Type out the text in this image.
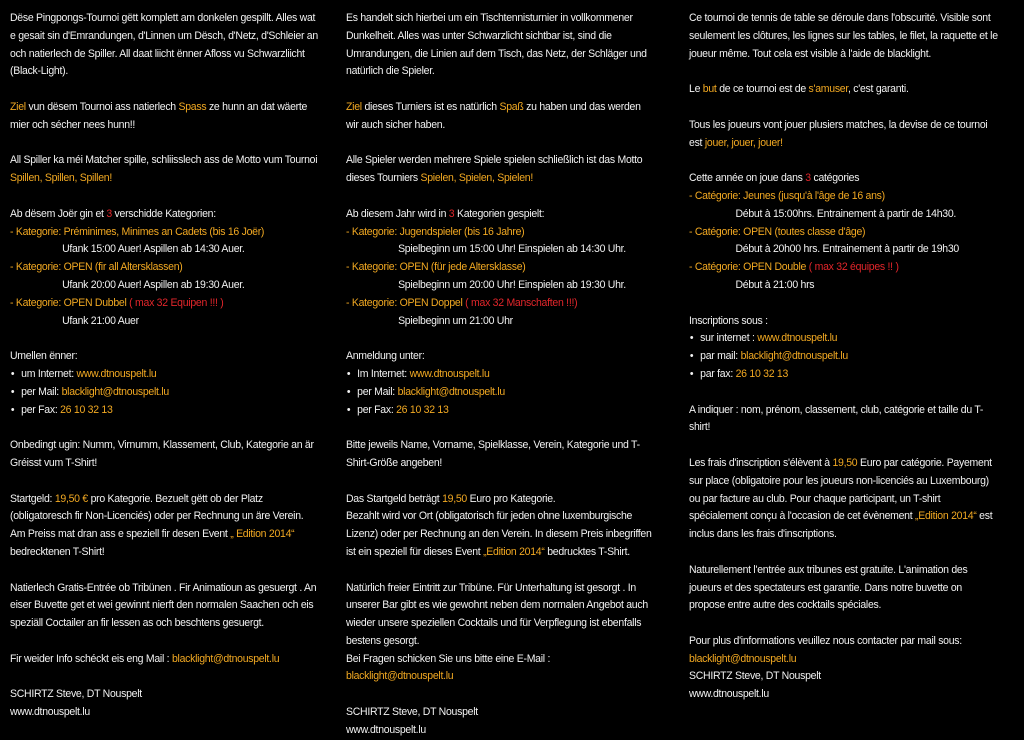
Dëse Pingpongs-Tournoi gëtt komplett am donkelen gespillt. Alles wat e gesait sin d'Emrandungen, d'Linnen um Dësch, d'Netz, d'Schleier an och natierlech de Spiller. All daat liicht ënner Afloss vu Schwarzliicht (Black-Light).

Ziel vun dësem Tournoi ass natierlech Spass ze hunn an dat wäerte mier och sécher nees hunn!!

All Spiller ka méi Matcher spille, schliisslech ass de Motto vum Tournoi Spillen, Spillen, Spillen!

Ab dësem Joër gin et 3 verschidde Kategorien:

- Kategorie: Préminimes, Minimes an Cadets (bis 16 Joër)

Ufank 15:00 Auer! Aspillen ab 14:30 Auer.

- Kategorie: OPEN (fir all Altersklassen)

Ufank 20:00 Auer! Aspillen ab 19:30 Auer.

- Kategorie: OPEN Dubbel ( max 32 Equipen !!! )

Ufank 21:00 Auer

Umellen ënner:

• um Internet: www.dtnouspelt.lu
• per Mail: blacklight@dtnouspelt.lu
• per Fax: 26 10 32 13

Onbedingt ugin: Numm, Virnumm, Klassement, Club, Kategorie an är Gréisst vum T-Shirt!

Startgeld: 19,50 € pro Kategorie. Bezuelt gëtt ob der Platz (obligatoresch fir Non-Licenciés) oder per Rechnung un äre Verein. Am Preiss mat dran ass e speziell fir desen Event „ Edition 2014“ bedrecktenen T-Shirt!

Natierlech Gratis-Entrée ob Tribünen . Fir Animatioun as gesuergt . An eiser Buvette get et wei gewinnt nierft den normalen Saachen och eis speziäll Coctailer an fir lessen as och beschtens gesuergt.

Fir weider Info schéckt eis eng Mail : blacklight@dtnouspelt.lu

SCHIRTZ Steve, DT Nouspelt

www.dtnouspelt.lu

Es handelt sich hierbei um ein Tischtennisturnier in vollkommener Dunkelheit. Alles was unter Schwarzlicht sichtbar ist, sind die Umrandungen, die Linien auf dem Tisch, das Netz, der Schläger und natürlich die Spieler.

Ziel dieses Turniers ist es natürlich Spaß zu haben und das werden wir auch sicher haben.

Alle Spieler werden mehrere Spiele spielen schließlich ist das Motto dieses Tourniers Spielen, Spielen, Spielen!

Ab diesem Jahr wird in 3 Kategorien gespielt:

- Kategorie: Jugendspieler (bis 16 Jahre)

Spielbeginn um 15:00 Uhr! Einspielen ab 14:30 Uhr.

- Kategorie: OPEN (für jede Altersklasse)

Spielbeginn um 20:00 Uhr! Einspielen ab 19:30 Uhr.

- Kategorie: OPEN Doppel ( max 32 Manschaften !!!)

Spielbeginn um 21:00 Uhr

Anmeldung unter:

• Im Internet: www.dtnouspelt.lu
• per Mail: blacklight@dtnouspelt.lu
• per Fax: 26 10 32 13

Bitte jeweils Name, Vorname, Spielklasse, Verein, Kategorie und T-Shirt-Größe angeben!

Das Startgeld beträgt 19,50 Euro pro Kategorie.
Bezahlt wird vor Ort (obligatorisch für jeden ohne luxemburgische Lizenz) oder per Rechnung an den Verein. In diesem Preis inbegriffen ist ein speziell für dieses Event „Edition 2014“ bedrucktes T-Shirt.

Natürlich freier Eintritt zur Tribüne. Für Unterhaltung ist gesorgt . In unserer Bar gibt es wie gewohnt neben dem normalen Angebot auch wieder unsere speziellen Cocktails und für Verpflegung ist ebenfalls bestens gesorgt.

Bei Fragen schicken Sie uns bitte eine E-Mail : blacklight@dtnouspelt.lu

SCHIRTZ Steve, DT Nouspelt

www.dtnouspelt.lu

Ce tournoi de tennis de table se déroule dans l'obscurité. Visible sont seulement les clôtures, les lignes sur les tables, le filet, la raquette et le joueur même. Tout cela est visible à l'aide de blacklight.

Le but de ce tournoi est de s'amuser, c'est garanti.

Tous les joueurs vont jouer plusiers matches, la devise de ce tournoi est jouer, jouer, jouer!

Cette année on joue dans 3 catégories

- Catégorie: Jeunes (jusqu'à l'âge de 16 ans)

Début à 15:00hrs. Entrainement à partir de 14h30.

- Catégorie: OPEN (toutes classe d'âge)

Début à 20h00 hrs. Entrainement à partir de 19h30

- Catégorie: OPEN Double ( max 32 équipes !! )

Début à 21:00 hrs

Inscriptions sous :

• sur internet : www.dtnouspelt.lu
• par mail: blacklight@dtnouspelt.lu
• par fax: 26 10 32 13

A indiquer : nom, prénom, classement, club, catégorie et taille du T-shirt!

Les frais d'inscription s'élèvent à 19,50 Euro par catégorie. Payement sur place (obligatoire pour les joueurs non-licenciés au Luxembourg) ou par facture au club. Pour chaque participant, un T-shirt spécialement conçu à l'occasion de cet évènement „Edition 2014“ est inclus dans les frais d'inscriptions.

Naturellement l'entrée aux tribunes est gratuite. L'animation des joueurs et des spectateurs est garantie. Dans notre buvette on propose entre autre des cocktails spéciales.

Pour plus d'informations veuillez nous contacter par mail sous:

blacklight@dtnouspelt.lu

SCHIRTZ Steve, DT Nouspelt

www.dtnouspelt.lu
